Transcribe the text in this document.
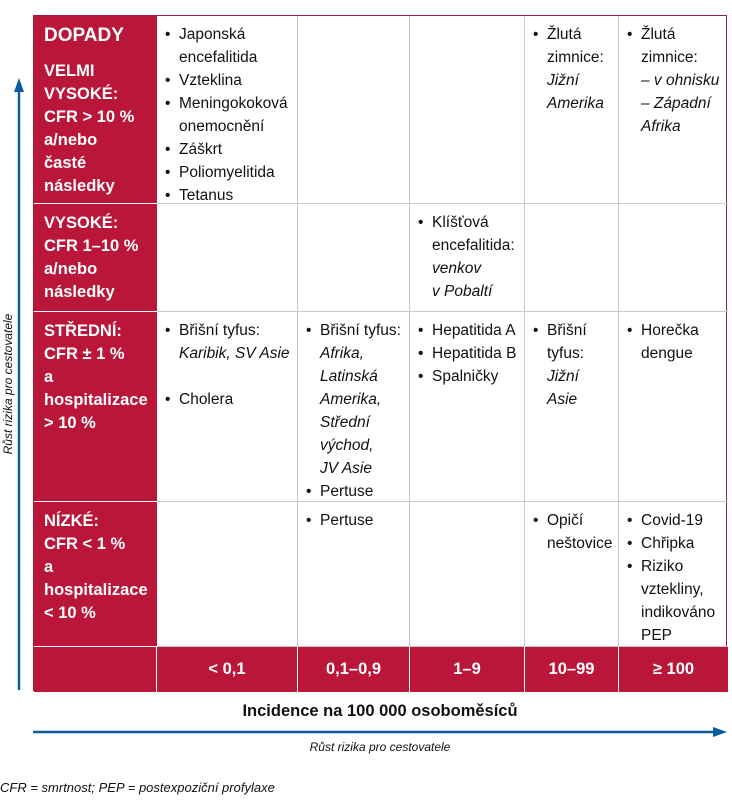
Růst rizika pro cestovatele
DOPADY
VELMI
VYSOKÉ:
CFR > 10 %
a/nebo
časté
následky
• Japonská encefalitida
• Vzteklina
• Meningokoková onemocnění
• Záškrt
• Poliomyelitida
• Tetanus
• Žlutá zimnice:
Jižní Amerika
• Žlutá zimnice:
– v ohnisku
– Západní Afrika
VYSOKÉ:
CFR 1–10 %
a/nebo
následky
• Klíšťová encefalitida:
venkov
v Pobaltí
STŘEDNÍ:
CFR ± 1 %
a
hospitalizace
> 10 %
• Břišní tyfus:
Karibik, SV Asie
• Cholera
• Břišní tyfus:
Afrika,
Latinská
Amerika,
Střední
východ,
JV Asie
• Pertuse
• Hepatitida A
• Hepatitida B
• Spalničky
• Břišní tyfus:
Jižní Asie
• Horečka dengue
NÍZKÉ:
CFR < 1 %
a
hospitalizace
< 10 %
• Pertuse
•	Opičí neštovice
• Covid-19
• Chřipka
• Riziko vztekliny, indikováno PEP
< 0,1	0,1–0,9	1–9	10–99	≥ 100
Incidence na 100 000 osoboměsíců
Růst rizika pro cestovatele
CFR = smrtnost; PEP = postexpoziční profylaxe
